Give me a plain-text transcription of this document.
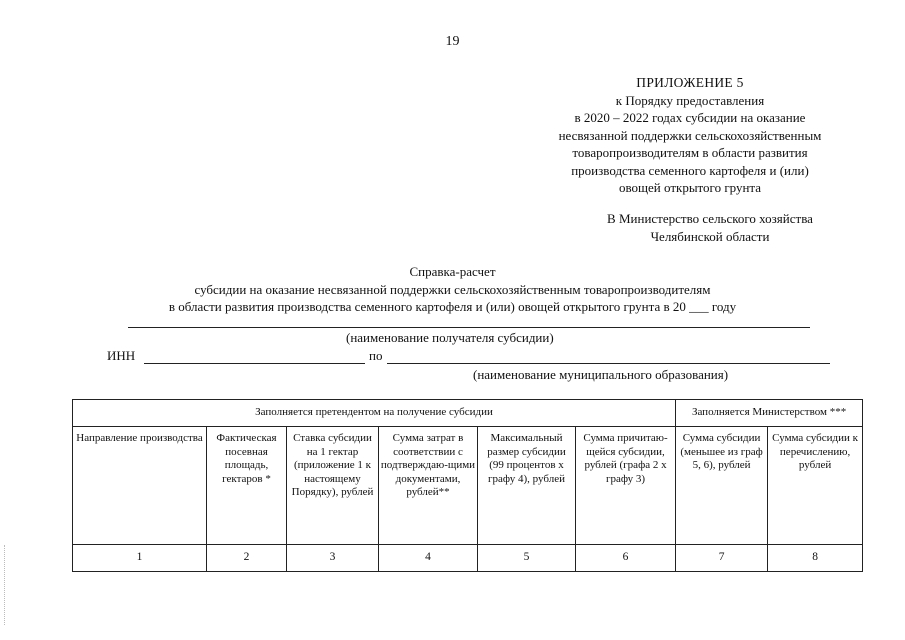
19
ПРИЛОЖЕНИЕ 5
к Порядку предоставления
в 2020 – 2022 годах субсидии на оказание
несвязанной поддержки сельскохозяйственным
товаропроизводителям в области развития
производства семенного картофеля и (или)
овощей открытого грунта
В Министерство сельского хозяйства
Челябинской области
Справка-расчет
субсидии на оказание несвязанной поддержки сельскохозяйственным товаропроизводителям
в области развития производства семенного картофеля и (или) овощей открытого грунта в 20 ___ году
(наименование получателя субсидии)
ИНН	по
(наименование муниципального образования)
Заполняется претендентом на получение субсидии						Заполняется Министерством ***	
Направление производства	Фактическая посевная площадь, гектаров *	Ставка субсидии на 1 гектар (приложение 1 к настоящему Порядку), рублей	Сумма затрат в соответствии с подтверждаю-щими документами, рублей**	Максимальный размер субсидии (99 процентов х графу 4), рублей	Сумма причитаю-щейся субсидии, рублей (графа 2 х графу 3)	Сумма субсидии (меньшее из граф 5, 6), рублей	Сумма субсидии к перечислению, рублей
1	2	3	4	5	6	7	8
